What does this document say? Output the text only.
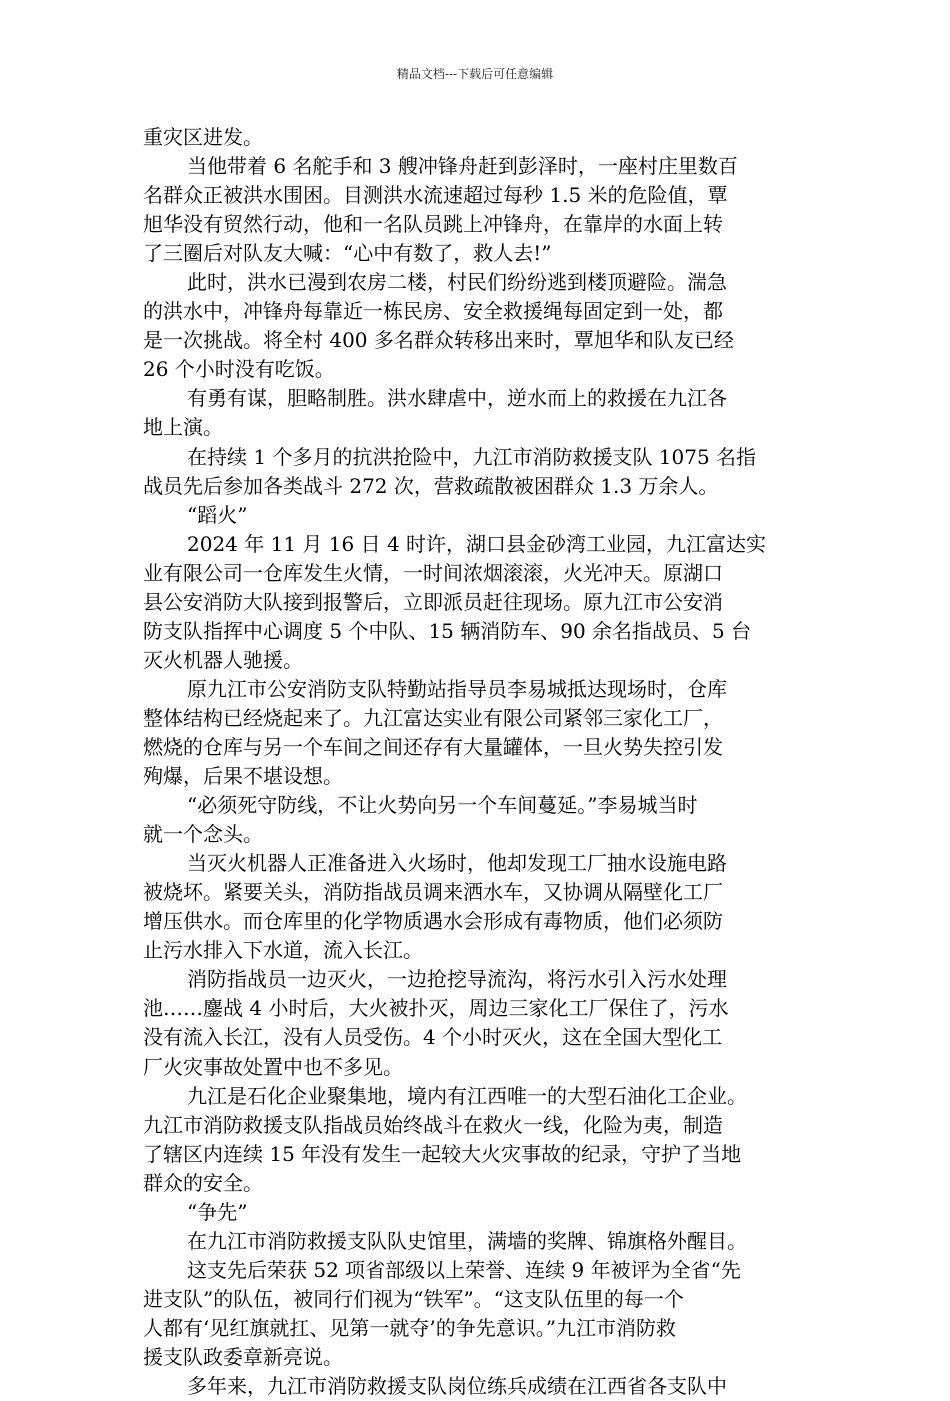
精品文档---下载后可任意编辑
重灾区进发。
当他带着 6 名舵手和 3 艘冲锋舟赶到彭泽时，一座村庄里数百
名群众正被洪水围困。目测洪水流速超过每秒 1.5 米的危险值，覃
旭华没有贸然行动，他和一名队员跳上冲锋舟，在靠岸的水面上转
了三圈后对队友大喊：“心中有数了，救人去!”
此时，洪水已漫到农房二楼，村民们纷纷逃到楼顶避险。湍急
的洪水中，冲锋舟每靠近一栋民房、安全救援绳每固定到一处，都
是一次挑战。将全村 400 多名群众转移出来时，覃旭华和队友已经
26 个小时没有吃饭。
有勇有谋，胆略制胜。洪水肆虐中，逆水而上的救援在九江各
地上演。
在持续 1 个多月的抗洪抢险中，九江市消防救援支队 1075 名指
战员先后参加各类战斗 272 次，营救疏散被困群众 1.3 万余人。
“蹈火”
2024 年 11 月 16 日 4 时许，湖口县金砂湾工业园，九江富达实
业有限公司一仓库发生火情，一时间浓烟滚滚，火光冲天。原湖口
县公安消防大队接到报警后，立即派员赶往现场。原九江市公安消
防支队指挥中心调度 5 个中队、15 辆消防车、90 余名指战员、5 台
灭火机器人驰援。
原九江市公安消防支队特勤站指导员李易城抵达现场时，仓库
整体结构已经烧起来了。九江富达实业有限公司紧邻三家化工厂，
燃烧的仓库与另一个车间之间还存有大量罐体，一旦火势失控引发
殉爆，后果不堪设想。
“必须死守防线，不让火势向另一个车间蔓延。”李易城当时
就一个念头。
当灭火机器人正准备进入火场时，他却发现工厂抽水设施电路
被烧坏。紧要关头，消防指战员调来洒水车，又协调从隔壁化工厂
增压供水。而仓库里的化学物质遇水会形成有毒物质，他们必须防
止污水排入下水道，流入长江。
消防指战员一边灭火，一边抢挖导流沟，将污水引入污水处理
池……鏖战 4 小时后，大火被扑灭，周边三家化工厂保住了，污水
没有流入长江，没有人员受伤。4 个小时灭火，这在全国大型化工
厂火灾事故处置中也不多见。
九江是石化企业聚集地，境内有江西唯一的大型石油化工企业。
九江市消防救援支队指战员始终战斗在救火一线，化险为夷，制造
了辖区内连续 15 年没有发生一起较大火灾事故的纪录，守护了当地
群众的安全。
“争先”
在九江市消防救援支队队史馆里，满墙的奖牌、锦旗格外醒目。
这支先后荣获 52 项省部级以上荣誉、连续 9 年被评为全省“先
进支队”的队伍，被同行们视为“铁军”。“这支队伍里的每一个
人都有‘见红旗就扛、见第一就夺’的争先意识。”九江市消防救
援支队政委章新亮说。
多年来，九江市消防救援支队岗位练兵成绩在江西省各支队中
